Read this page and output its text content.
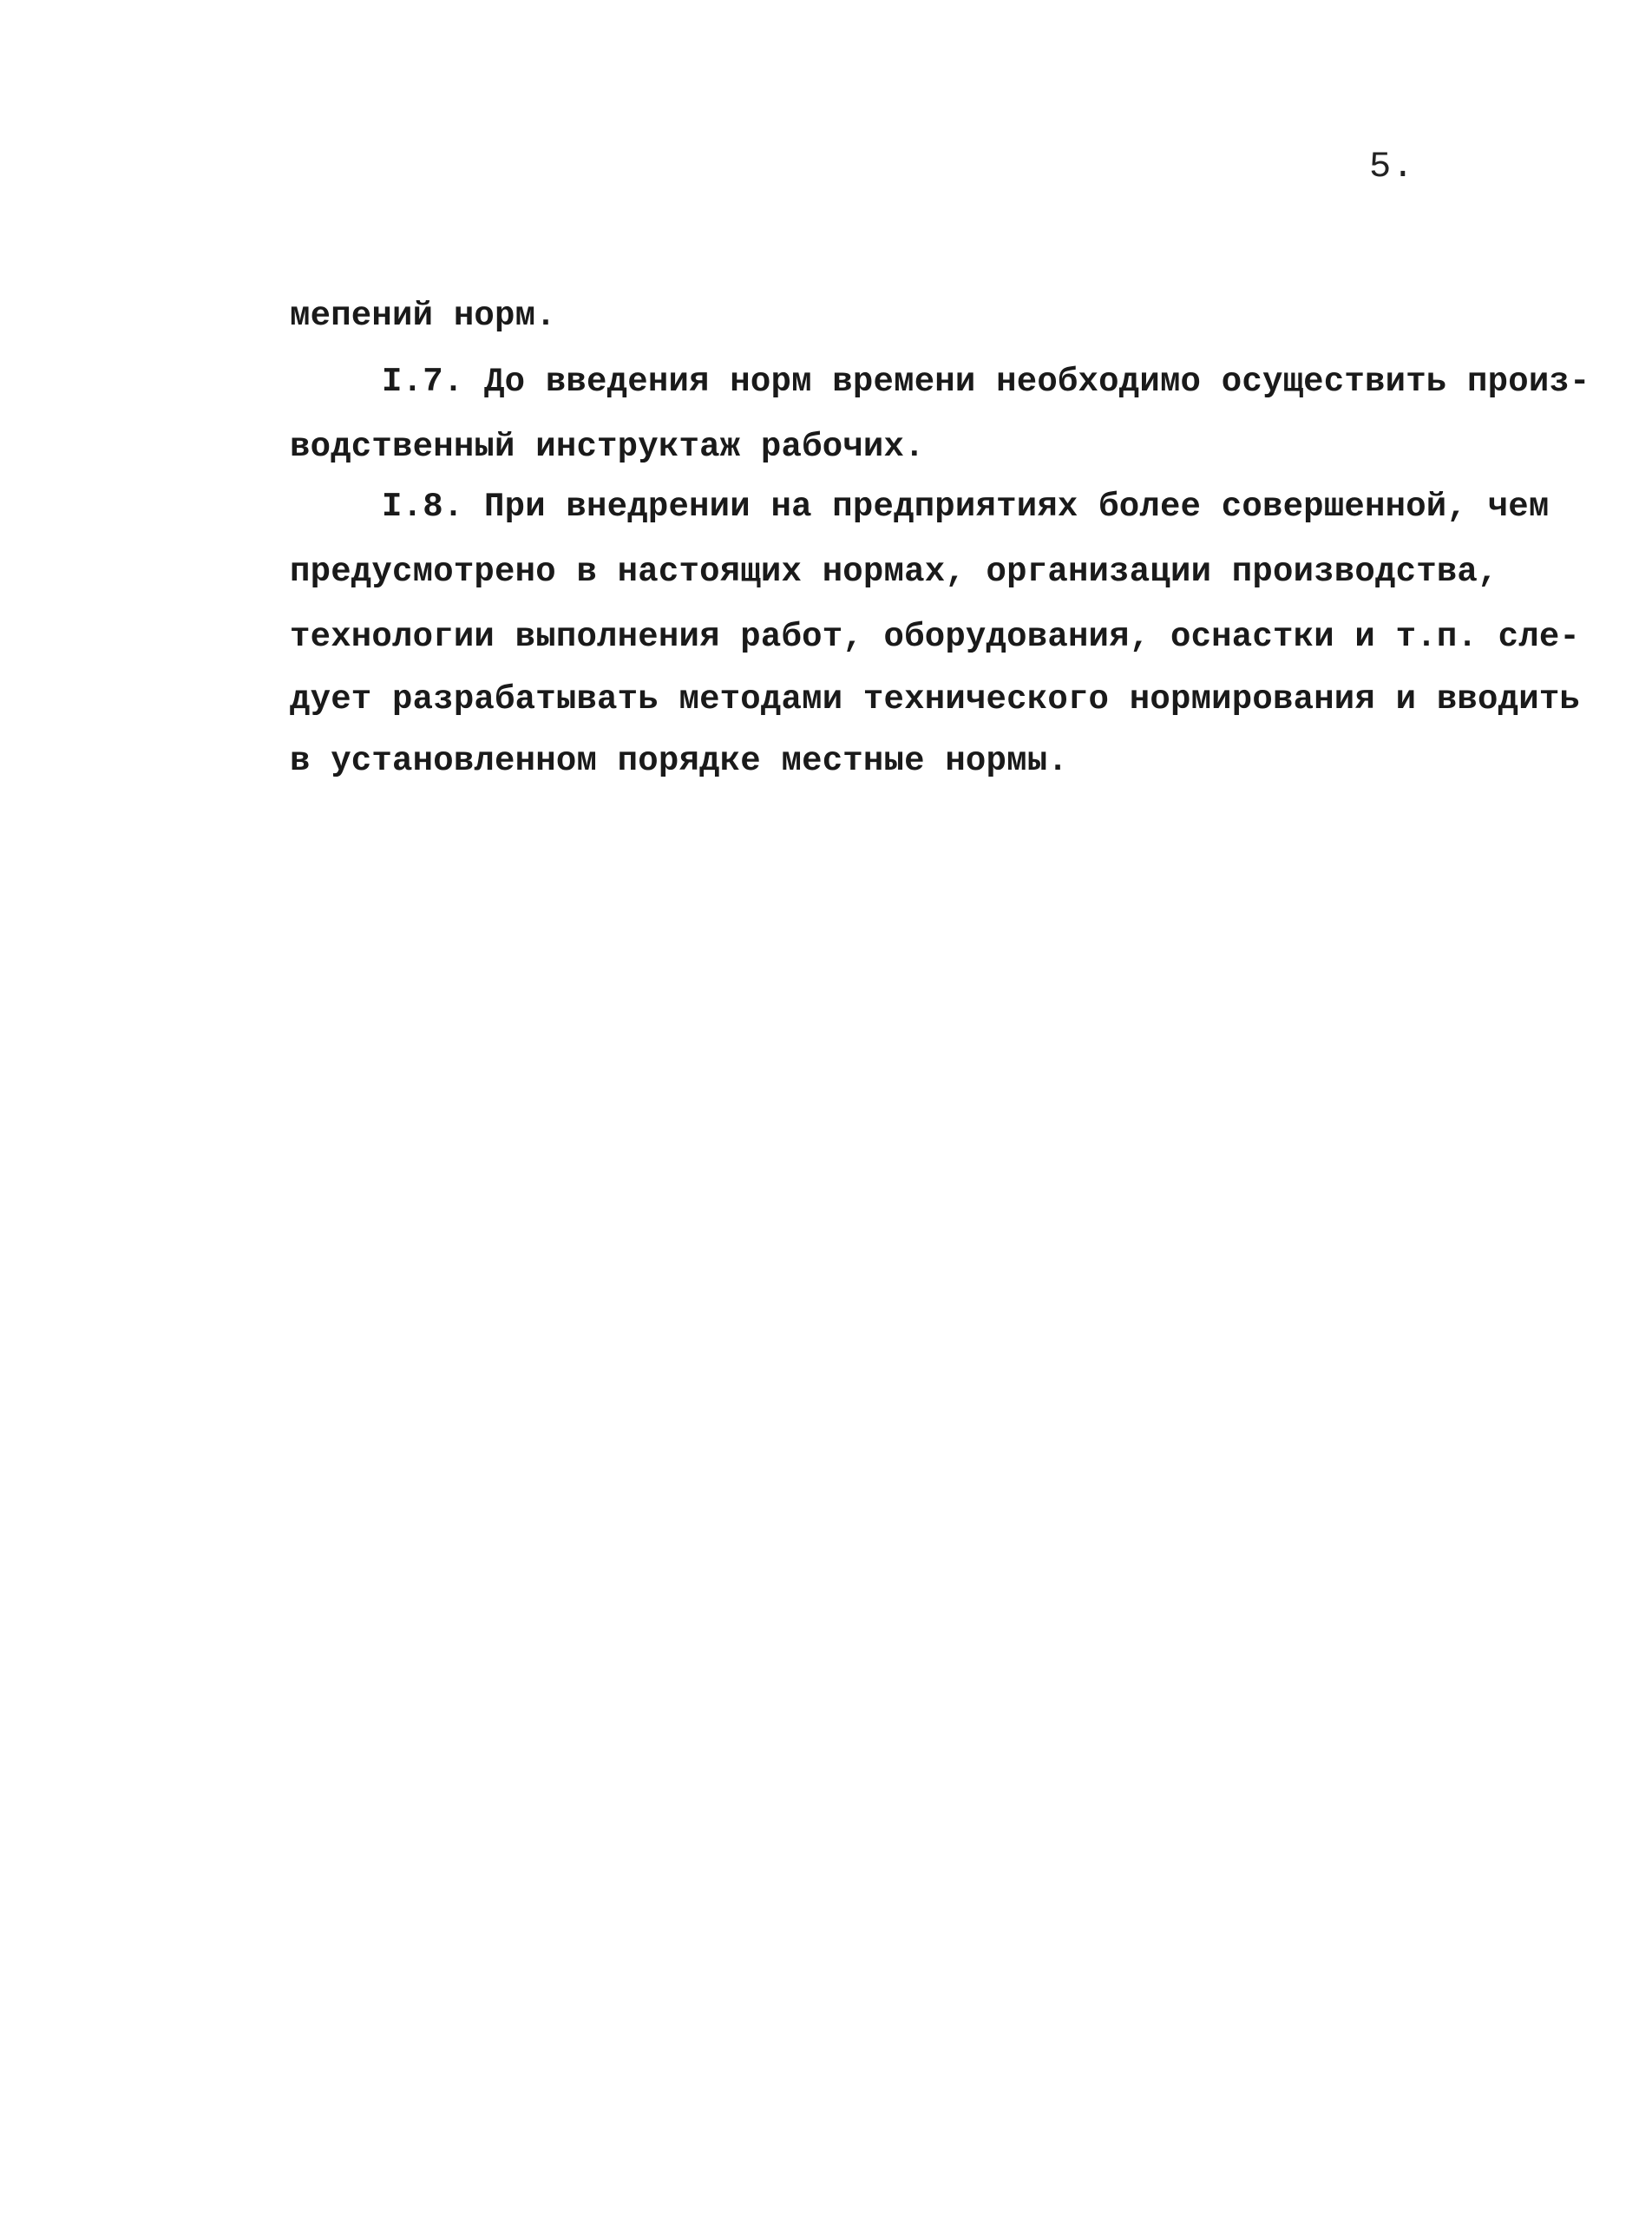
5.
мепений норм.
I.7. До введения норм времени необходимо осуществить произ-
водственный инструктаж рабочих.
I.8. При внедрении на предприятиях более совершенной, чем
предусмотрено в настоящих нормах, организации производства,
технологии выполнения работ, оборудования, оснастки и т.п. сле-
дует разрабатывать методами технического нормирования и вводить
в установленном порядке местные нормы.
